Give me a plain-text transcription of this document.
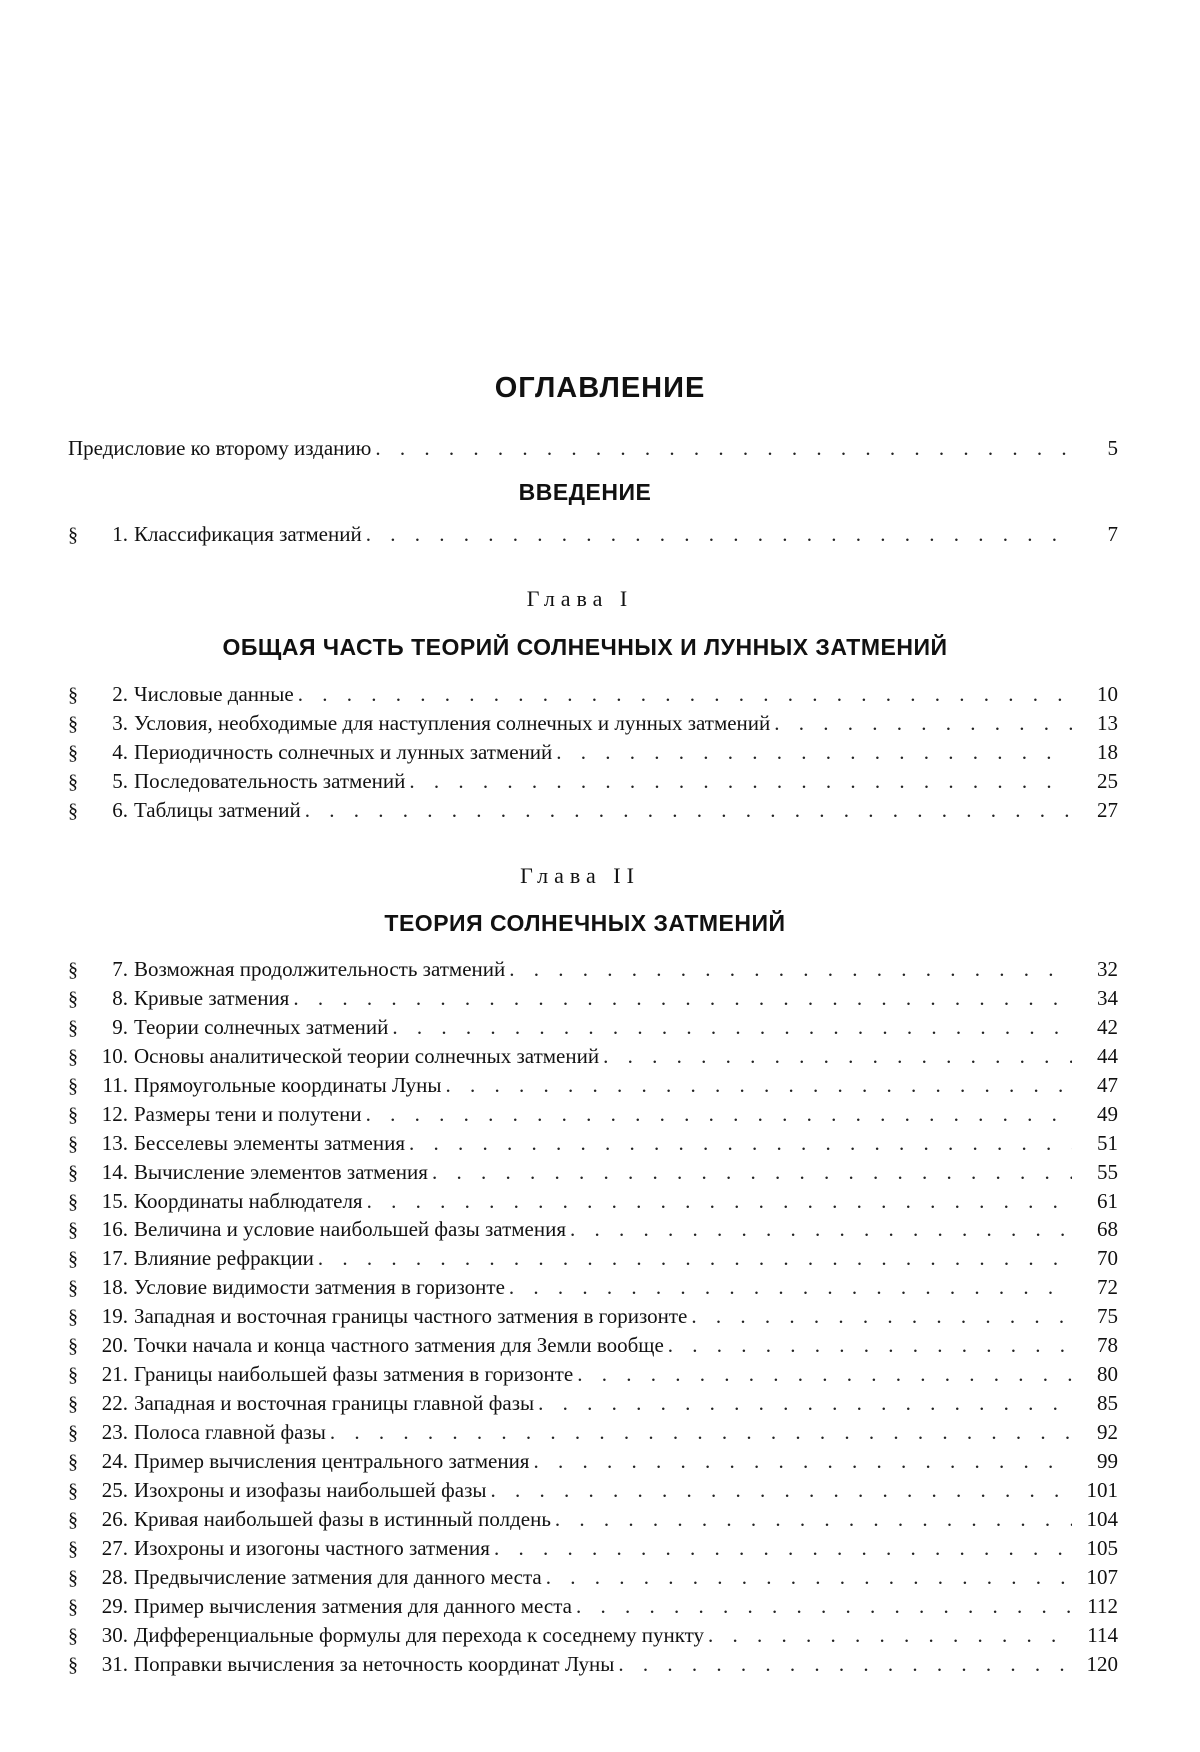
ОГЛАВЛЕНИЕ
Предисловие ко второму изданию . . .	5
ВВЕДЕНИЕ
§	1. Классификация затмений . . .	7
Глава I
ОБЩАЯ ЧАСТЬ ТЕОРИЙ СОЛНЕЧНЫХ И ЛУННЫХ ЗАТМЕНИЙ
§	2. Числовые данные . . .	10
§	3. Условия, необходимые для наступления солнечных и лунных затмений . . .	13
§	4. Периодичность солнечных и лунных затмений . . .	18
§	5. Последовательность затмений . . .	25
§	6. Таблицы затмений . . .	27
Глава II
ТЕОРИЯ СОЛНЕЧНЫХ ЗАТМЕНИЙ
§	7. Возможная продолжительность затмений . . .	32
§	8. Кривые затмения . . .	34
§	9. Теории солнечных затмений . . .	42
§	10. Основы аналитической теории солнечных затмений . . .	44
§	11. Прямоугольные координаты Луны . . .	47
§	12. Размеры тени и полутени . . .	49
§	13. Бесселевы элементы затмения . . .	51
§	14. Вычисление элементов затмения . . .	55
§	15. Координаты наблюдателя . . .	61
§	16. Величина и условие наибольшей фазы затмения . . .	68
§	17. Влияние рефракции . . .	70
§	18. Условие видимости затмения в горизонте . . .	72
§	19. Западная и восточная границы частного затмения в горизонте . . .	75
§	20. Точки начала и конца частного затмения для Земли вообще . . .	78
§	21. Границы наибольшей фазы затмения в горизонте . . .	80
§	22. Западная и восточная границы главной фазы . . .	85
§	23. Полоса главной фазы . . .	92
§	24. Пример вычисления центрального затмения . . .	99
§	25. Изохроны и изофазы наибольшей фазы . . .	101
§	26. Кривая наибольшей фазы в истинный полдень . . .	104
§	27. Изохроны и изогоны частного затмения . . .	105
§	28. Предвычисление затмения для данного места . . .	107
§	29. Пример вычисления затмения для данного места . . .	112
§	30. Дифференциальные формулы для перехода к соседнему пункту . . .	114
§	31. Поправки вычисления за неточность координат Луны . . .	120
